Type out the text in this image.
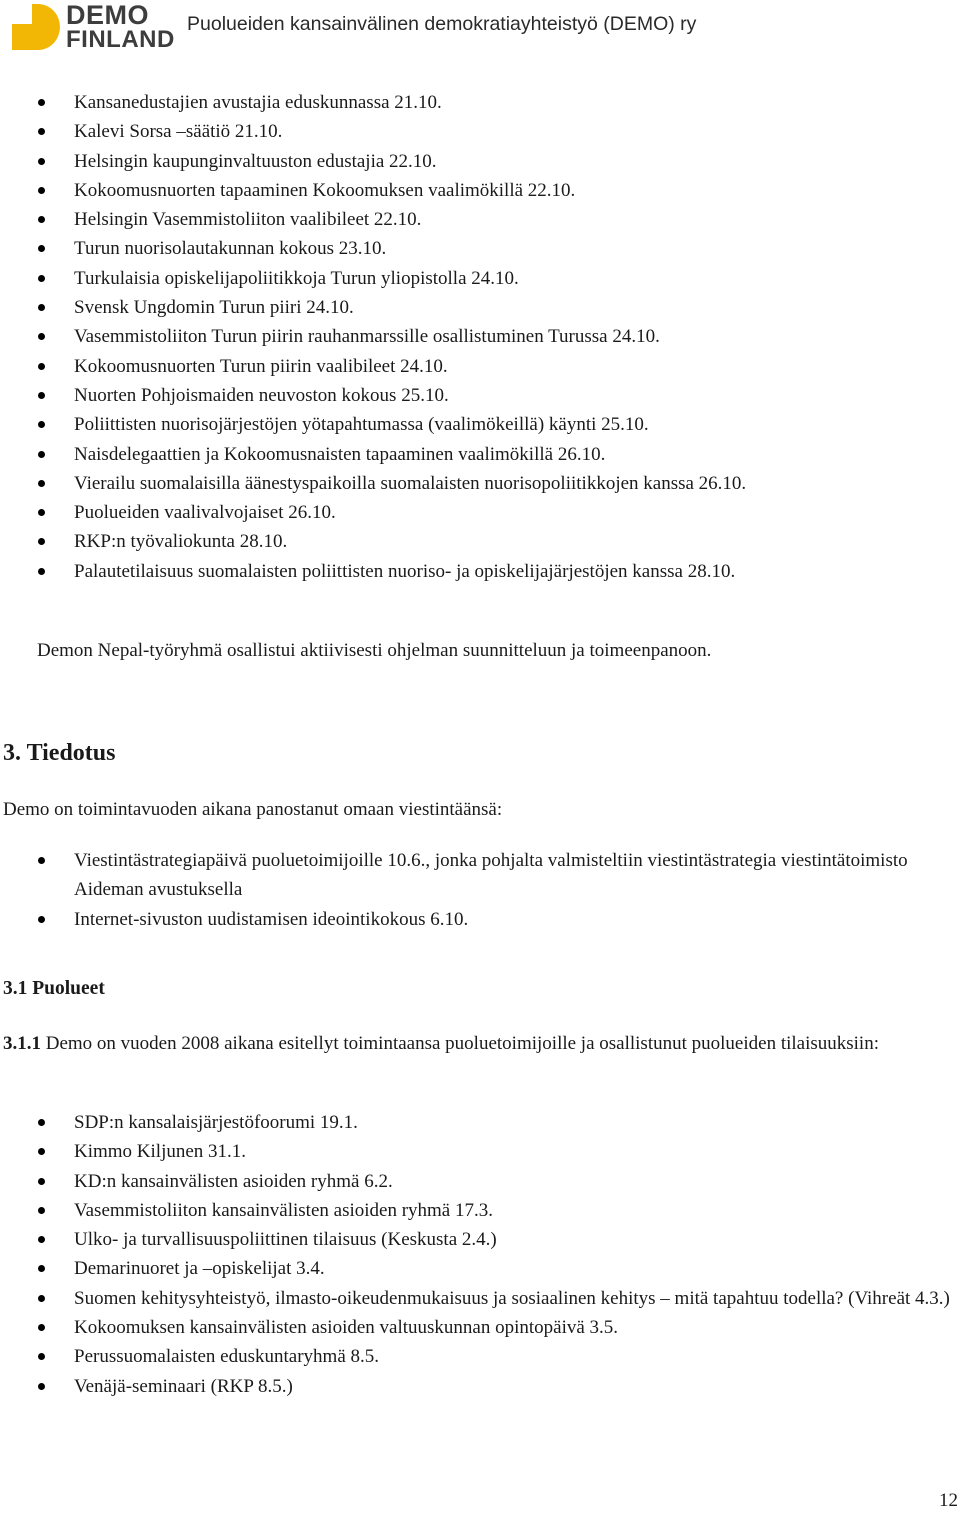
DEMO
FINLAND
Puolueiden kansainvälinen demokratiayhteistyö (DEMO) ry
Kansanedustajien avustajia eduskunnassa 21.10.
Kalevi Sorsa –säätiö 21.10.
Helsingin kaupunginvaltuuston edustajia 22.10.
Kokoomusnuorten tapaaminen Kokoomuksen vaalimökillä 22.10.
Helsingin Vasemmistoliiton vaalibileet 22.10.
Turun nuorisolautakunnan kokous 23.10.
Turkulaisia opiskelijapoliitikkoja Turun yliopistolla 24.10.
Svensk Ungdomin Turun piiri 24.10.
Vasemmistoliiton Turun piirin rauhanmarssille osallistuminen Turussa 24.10.
Kokoomusnuorten Turun piirin vaalibileet 24.10.
Nuorten Pohjoismaiden neuvoston kokous 25.10.
Poliittisten nuorisojärjestöjen yötapahtumassa (vaalimökeillä) käynti 25.10.
Naisdelegaattien ja Kokoomusnaisten tapaaminen vaalimökillä 26.10.
Vierailu suomalaisilla äänestyspaikoilla suomalaisten nuorisopoliitikkojen kanssa 26.10.
Puolueiden vaalivalvojaiset 26.10.
RKP:n työvaliokunta 28.10.
Palautetilaisuus suomalaisten poliittisten nuoriso- ja opiskelijajärjestöjen kanssa 28.10.

Demon Nepal-työryhmä osallistui aktiivisesti ohjelman suunnitteluun ja toimeenpanoon.

3. Tiedotus

Demo on toimintavuoden aikana panostanut omaan viestintäänsä:

Viestintästrategiapäivä puoluetoimijoille 10.6., jonka pohjalta valmisteltiin viestintästrategia viestintätoimisto Aideman avustuksella
Internet-sivuston uudistamisen ideointikokous 6.10.
3.1 Puolueet

3.1.1 Demo on vuoden 2008 aikana esitellyt toimintaansa puoluetoimijoille ja osallistunut puolueiden tilaisuuksiin:

SDP:n kansalaisjärjestöfoorumi 19.1.
Kimmo Kiljunen 31.1.
KD:n kansainvälisten asioiden ryhmä 6.2.
Vasemmistoliiton kansainvälisten asioiden ryhmä 17.3.
Ulko- ja turvallisuuspoliittinen tilaisuus (Keskusta 2.4.)
Demarinuoret ja –opiskelijat 3.4.
Suomen kehitysyhteistyö, ilmasto-oikeudenmukaisuus ja sosiaalinen kehitys – mitä tapahtuu todella? (Vihreät 4.3.)
Kokoomuksen kansainvälisten asioiden valtuuskunnan opintopäivä 3.5.
Perussuomalaisten eduskuntaryhmä 8.5.
Venäjä-seminaari (RKP 8.5.)
12
